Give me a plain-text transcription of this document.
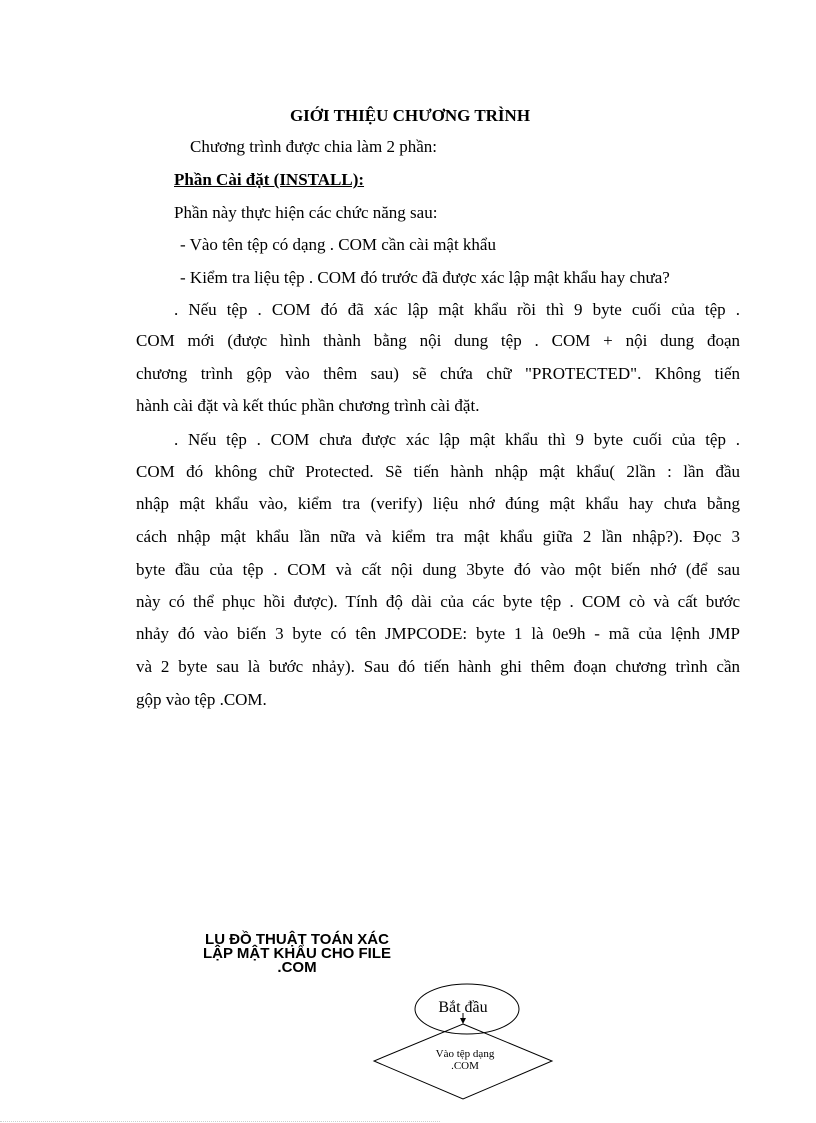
GIỚI THIỆU CHƯƠNG TRÌNH
Chương trình được chia làm 2 phần:
Phần Cài đặt (INSTALL):
Phần này thực hiện các chức năng sau:
- Vào tên tệp có dạng . COM cần cài mật khẩu
- Kiểm tra liệu tệp . COM đó trước đã được xác lập mật khẩu hay chưa?
. Nếu tệp . COM đó đã xác lập mật khẩu rồi thì 9 byte cuối của tệp .
COM mới (được hình thành bằng nội dung tệp . COM + nội dung đoạn
chương trình gộp vào thêm sau) sẽ chứa chữ "PROTECTED". Không tiến
hành cài đặt và kết thúc phần chương trình cài đặt.
. Nếu tệp . COM chưa được xác lập mật khẩu thì 9 byte cuối của tệp .
COM đó không chữ Protected. Sẽ tiến hành nhập mật khẩu( 2lần : lần đầu
nhập mật khẩu vào, kiểm tra (verify) liệu nhớ đúng mật khẩu hay chưa bằng
cách nhập mật khẩu lần nữa và kiểm tra mật khẩu giữa 2 lần nhập?). Đọc 3
byte đầu của tệp . COM và cất nội dung 3byte đó vào một biến nhớ (để sau
này có thể phục hồi được). Tính độ dài của các byte tệp . COM cò và cất bước
nhảy đó vào biến 3 byte có tên JMPCODE: byte 1 là 0e9h - mã của lệnh JMP
và 2 byte sau là bước nhảy). Sau đó tiến hành ghi thêm đoạn chương trình cần
gộp vào tệp .COM.
LU ĐỒ THUẬT TOÁN XÁC
LẬP MẬT KHẨU CHO FILE
.COM
Bắt đầu
Vào tệp dạng
.COM
